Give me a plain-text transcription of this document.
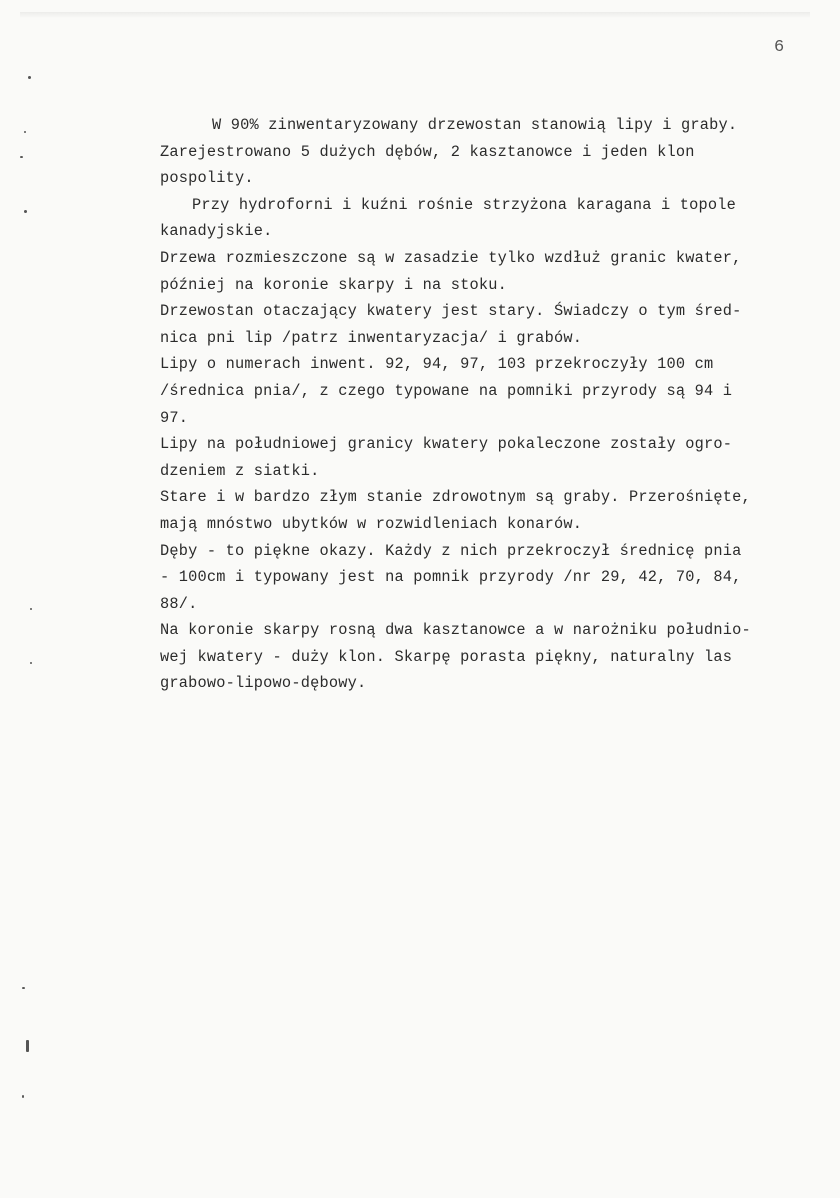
6
W 90% zinwentaryzowany drzewostan stanowią lipy i graby.
Zarejestrowano 5 dużych dębów, 2 kasztanowce i jeden klon
pospolity.
Przy hydroforni i kuźni rośnie strzyżona karagana i topole
kanadyjskie.
Drzewa rozmieszczone są w zasadzie tylko wzdłuż granic kwater,
później na koronie skarpy i na stoku.
Drzewostan otaczający kwatery jest stary. Świadczy o tym śred-
nica pni lip /patrz inwentaryzacja/ i grabów.
Lipy o numerach inwent. 92, 94, 97, 103 przekroczyły 100 cm
/średnica pnia/, z czego typowane na pomniki przyrody są 94 i
97.
Lipy na południowej granicy kwatery pokaleczone zostały ogro-
dzeniem z siatki.
Stare i w bardzo złym stanie zdrowotnym są graby. Przerośnięte,
mają mnóstwo ubytków w rozwidleniach konarów.
Dęby - to piękne okazy. Każdy z nich przekroczył średnicę pnia
- 100cm i typowany jest na pomnik przyrody /nr 29, 42, 70, 84,
88/.
Na koronie skarpy rosną dwa kasztanowce a w narożniku południo-
wej kwatery - duży klon. Skarpę porasta piękny, naturalny las
grabowo-lipowo-dębowy.
